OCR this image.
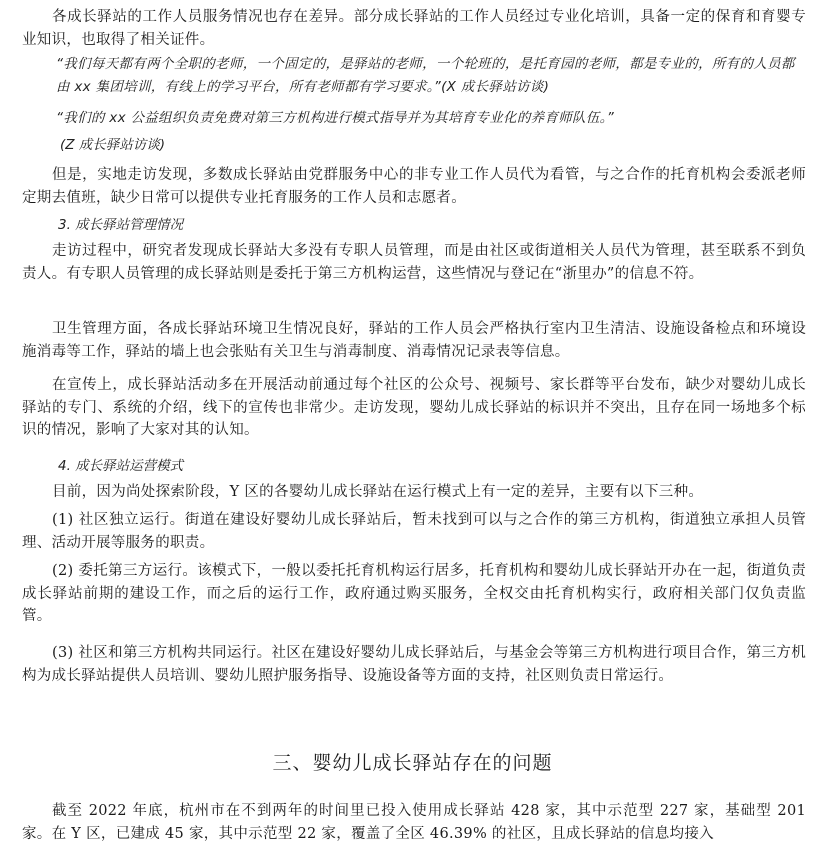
各成长驿站的工作人员服务情况也存在差异。部分成长驿站的工作人员经过专业化培训，具备一定的保育和育婴专业知识，也取得了相关证件。
“我们每天都有两个全职的老师，一个固定的，是驿站的老师，一个轮班的，是托育园的老师，都是专业的，所有的人员都由 xx 集团培训，有线上的学习平台，所有老师都有学习要求。”(X 成长驿站访谈)
“我们的 xx 公益组织负责免费对第三方机构进行模式指导并为其培育专业化的养育师队伍。”
(Z 成长驿站访谈)
但是，实地走访发现，多数成长驿站由党群服务中心的非专业工作人员代为看管，与之合作的托育机构会委派老师定期去值班，缺少日常可以提供专业托育服务的工作人员和志愿者。
3. 成长驿站管理情况
走访过程中，研究者发现成长驿站大多没有专职人员管理，而是由社区或街道相关人员代为管理，甚至联系不到负责人。有专职人员管理的成长驿站则是委托于第三方机构运营，这些情况与登记在“浙里办”的信息不符。
卫生管理方面，各成长驿站环境卫生情况良好，驿站的工作人员会严格执行室内卫生清洁、设施设备检点和环境设施消毒等工作，驿站的墙上也会张贴有关卫生与消毒制度、消毒情况记录表等信息。
在宣传上，成长驿站活动多在开展活动前通过每个社区的公众号、视频号、家长群等平台发布，缺少对婴幼儿成长驿站的专门、系统的介绍，线下的宣传也非常少。走访发现，婴幼儿成长驿站的标识并不突出，且存在同一场地多个标识的情况，影响了大家对其的认知。
4. 成长驿站运营模式
目前，因为尚处探索阶段，Y 区的各婴幼儿成长驿站在运行模式上有一定的差异，主要有以下三种。
(1) 社区独立运行。街道在建设好婴幼儿成长驿站后，暂未找到可以与之合作的第三方机构，街道独立承担人员管理、活动开展等服务的职责。
(2) 委托第三方运行。该模式下，一般以委托托育机构运行居多，托育机构和婴幼儿成长驿站开办在一起，街道负责成长驿站前期的建设工作，而之后的运行工作，政府通过购买服务，全权交由托育机构实行，政府相关部门仅负责监管。
(3) 社区和第三方机构共同运行。社区在建设好婴幼儿成长驿站后，与基金会等第三方机构进行项目合作，第三方机构为成长驿站提供人员培训、婴幼儿照护服务指导、设施设备等方面的支持，社区则负责日常运行。
三、婴幼儿成长驿站存在的问题
截至 2022 年底，杭州市在不到两年的时间里已投入使用成长驿站 428 家，其中示范型 227 家，基础型 201 家。在 Y 区，已建成 45 家，其中示范型 22 家，覆盖了全区 46.39% 的社区，且成长驿站的信息均接入
